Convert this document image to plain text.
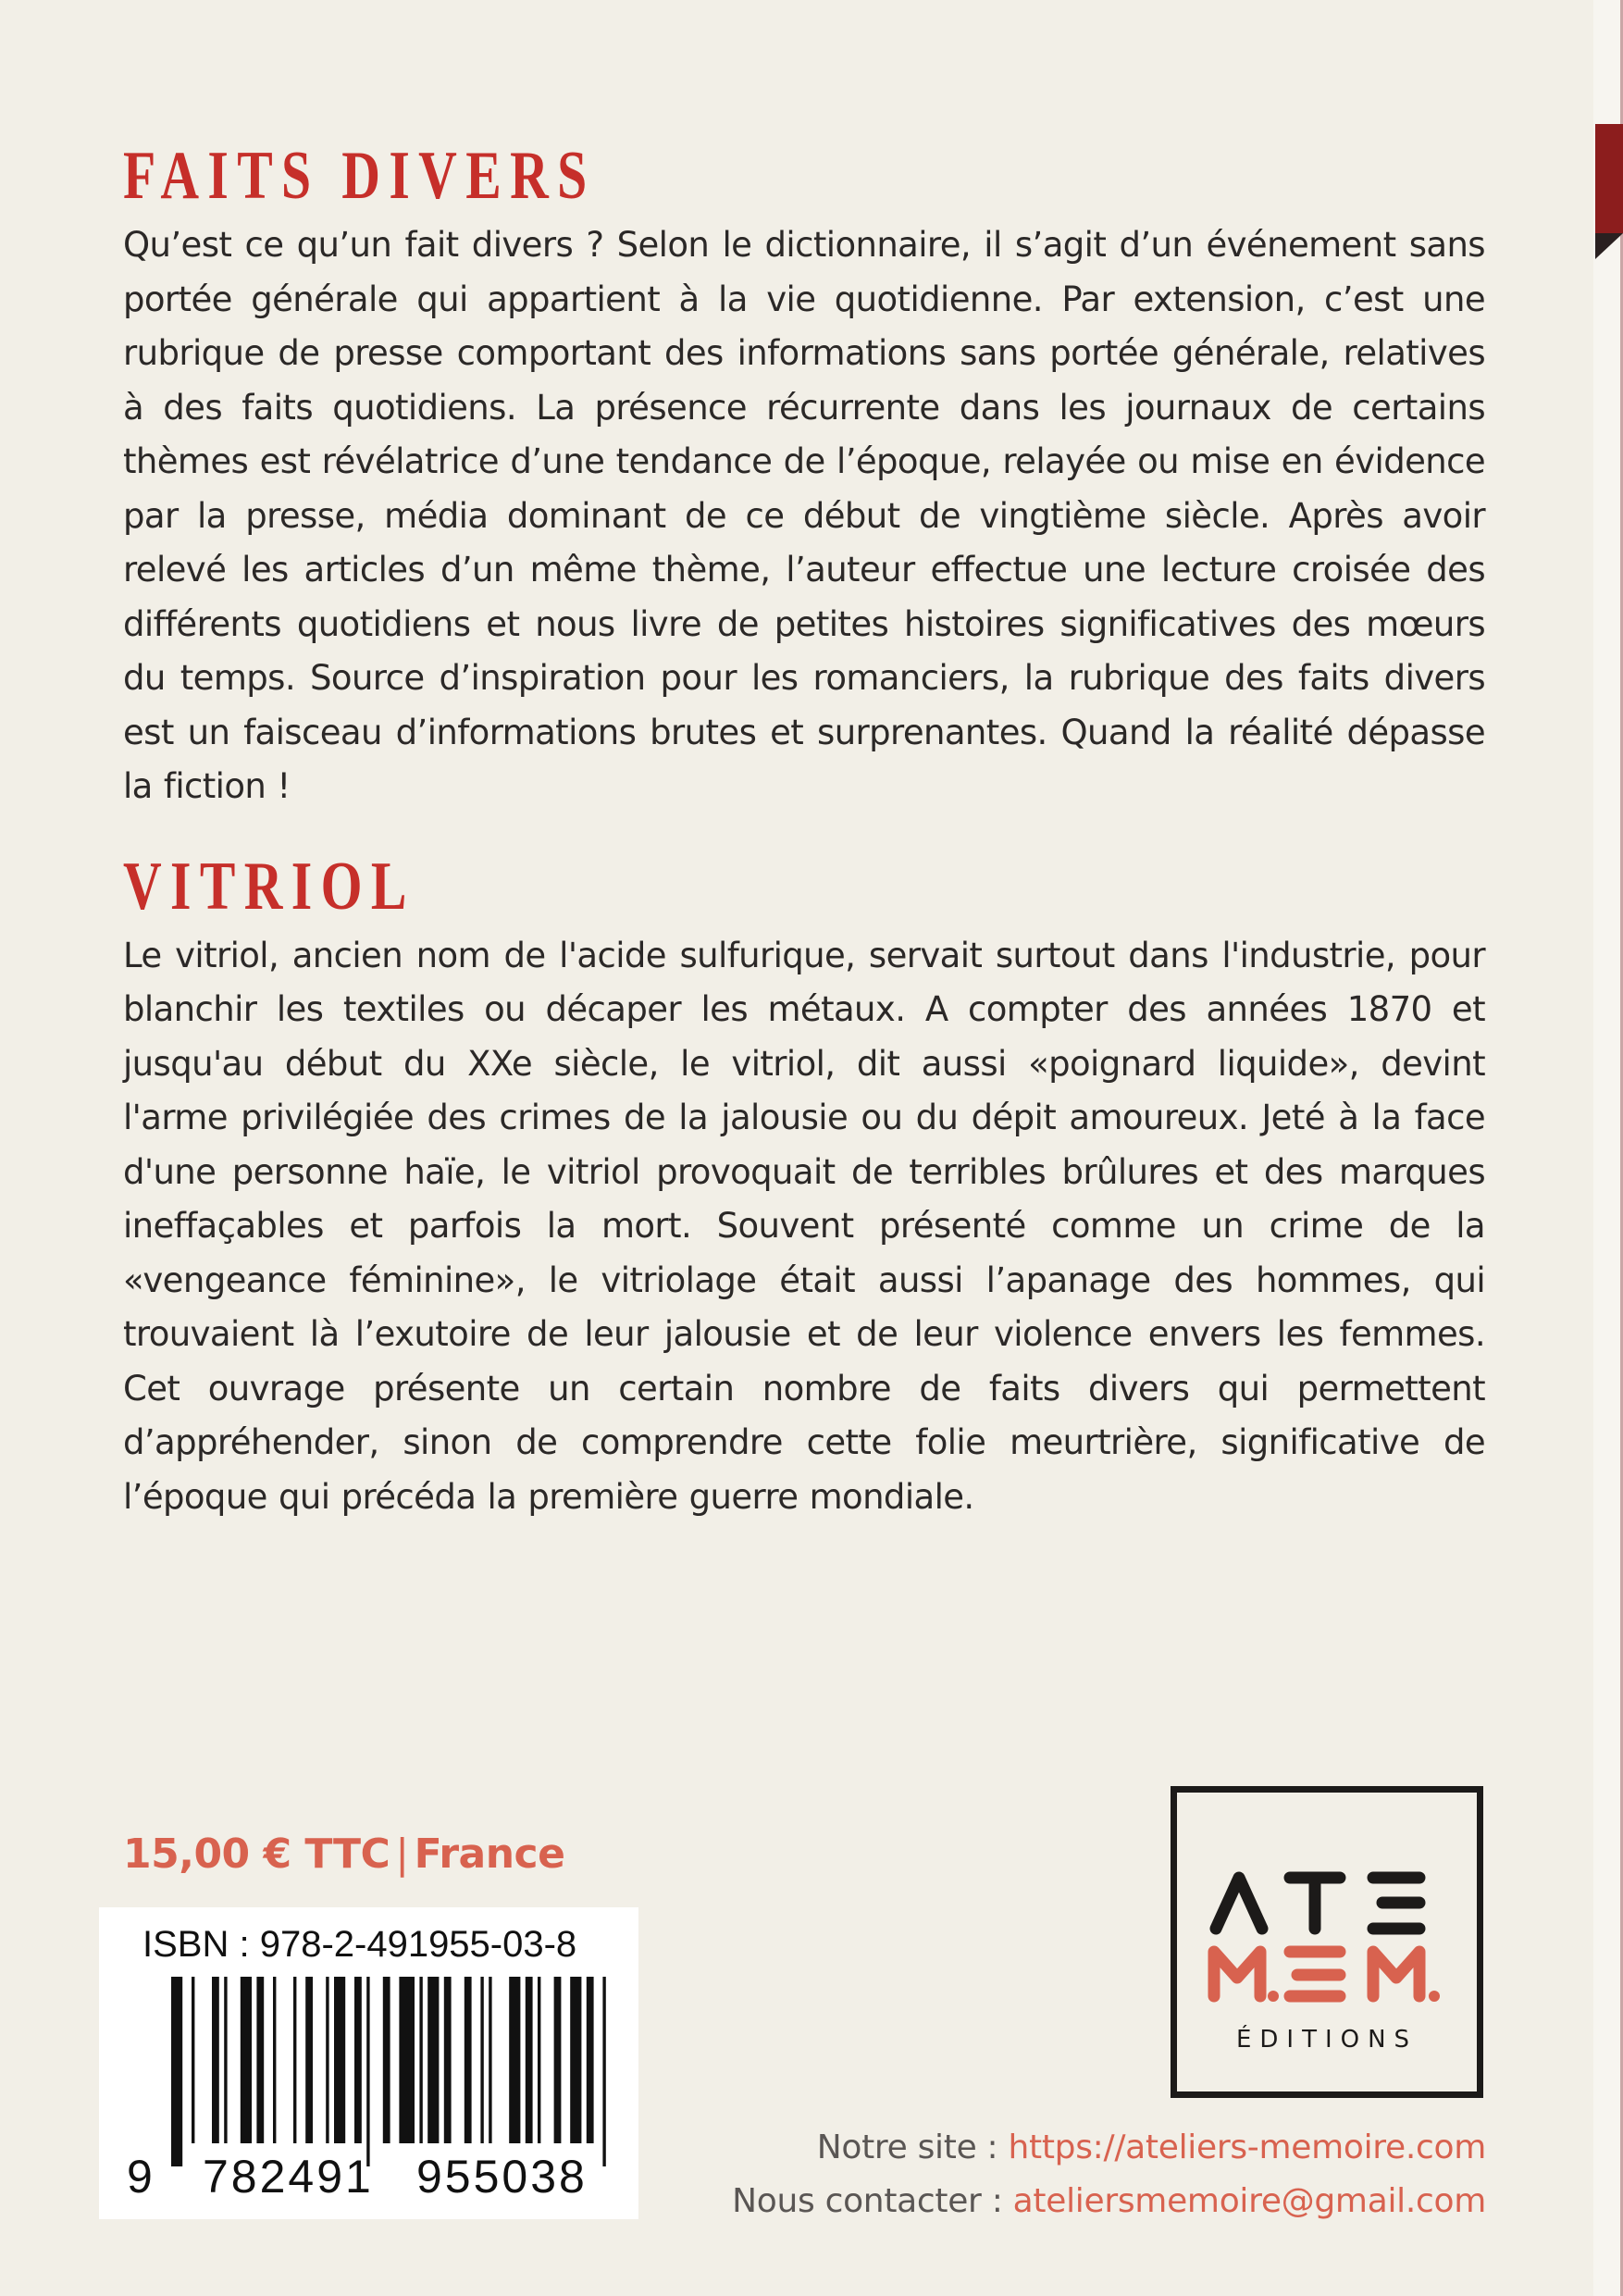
FAITS DIVERS

Qu’est ce qu’un fait divers ? Selon le dictionnaire, il s’agit d’un événement sans portée générale qui appartient à la vie quotidienne. Par extension, c’est une rubrique de presse comportant des informations sans portée générale, relatives à des faits quotidiens. La présence récurrente dans les journaux de certains thèmes est révélatrice d’une tendance de l’époque, relayée ou mise en évidence par la presse, média dominant de ce début de vingtième siècle. Après avoir relevé les articles d’un même thème, l’auteur effectue une lecture croisée des différents quotidiens et nous livre de petites histoires significatives des mœurs du temps. Source d’inspiration pour les romanciers, la rubrique des faits divers est un faisceau d’informations brutes et surprenantes. Quand la réalité dépasse la fiction !

VITRIOL

Le vitriol, ancien nom de l'acide sulfurique, servait surtout dans l'industrie, pour blanchir les textiles ou décaper les métaux. A compter des années 1870 et jusqu'au début du XXe siècle, le vitriol, dit aussi «poignard liquide», devint l'arme privilégiée des crimes de la jalousie ou du dépit amoureux. Jeté à la face d'une personne haïe, le vitriol provoquait de terribles brûlures et des marques ineffaçables et parfois la mort. Souvent présenté comme un crime de la «vengeance féminine», le vitriolage était aussi l’apanage des hommes, qui trouvaient là l’exutoire de leur jalousie et de leur violence envers les femmes. Cet ouvrage présente un certain nombre de faits divers qui permettent d’appréhender, sinon de comprendre cette folie meurtrière, significative de l’époque qui précéda la première guerre mondiale.

15,00 € TTC | France
ISBN : 978-2-491955-03-8
9 782491 955038
ÉDITIONS
Notre site : https://ateliers-memoire.com
Nous contacter : ateliersmemoire@gmail.com
